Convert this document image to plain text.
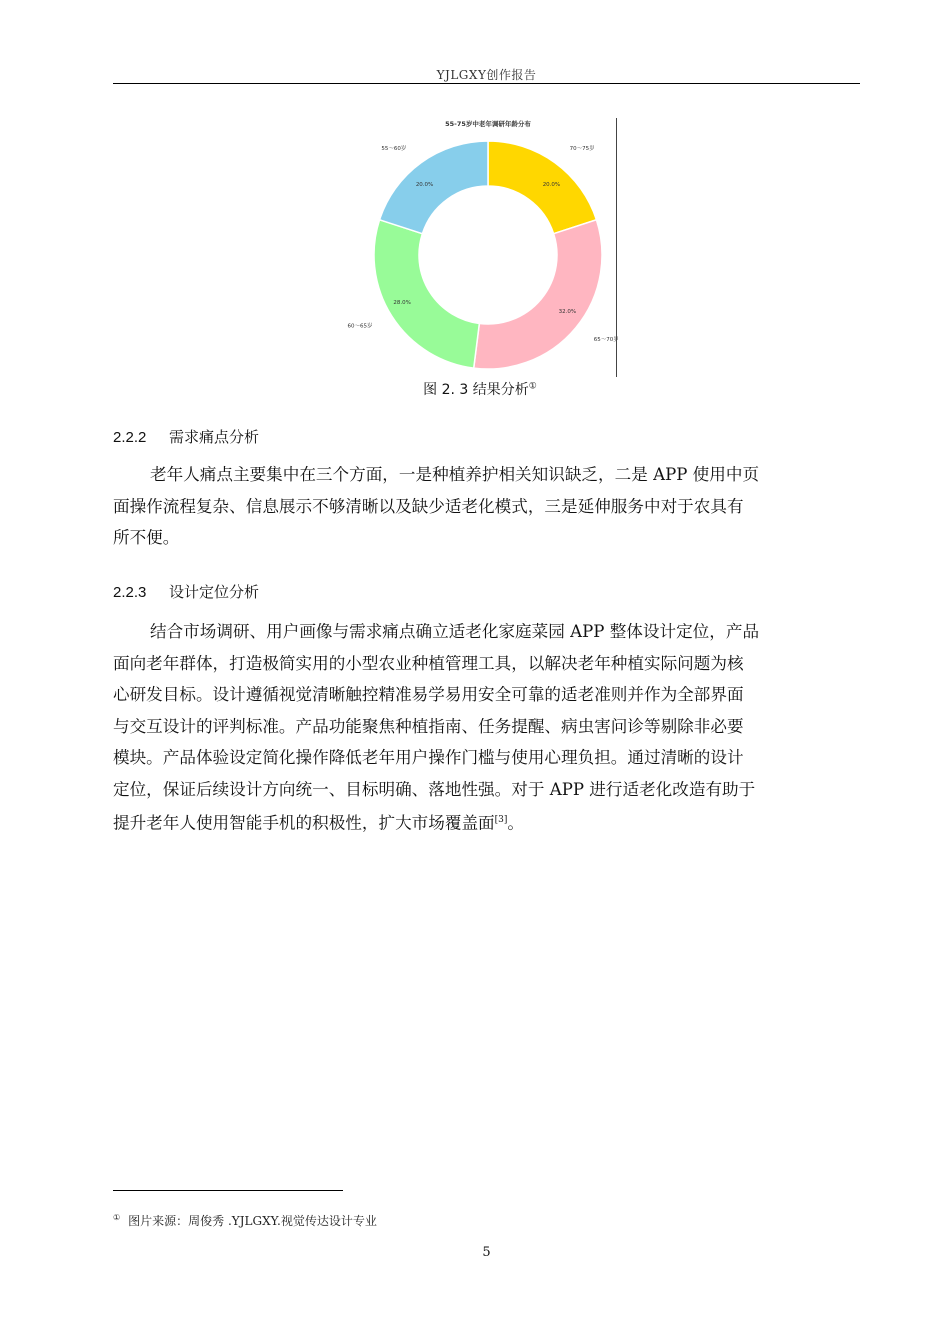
YJLGXY创作报告
55-75岁中老年调研年龄分布
20.0%
70～75岁
32.0%
65～70岁
28.0%
60～65岁
20.0%
55～60岁
图 2. 3 结果分析①
2.2.2 需求痛点分析
老年人痛点主要集中在三个方面，一是种植养护相关知识缺乏，二是 APP 使用中页
面操作流程复杂、信息展示不够清晰以及缺少适老化模式，三是延伸服务中对于农具有
所不便。
2.2.3 设计定位分析
结合市场调研、用户画像与需求痛点确立适老化家庭菜园 APP 整体设计定位，产品
面向老年群体，打造极简实用的小型农业种植管理工具，以解决老年种植实际问题为核
心研发目标。设计遵循视觉清晰触控精准易学易用安全可靠的适老准则并作为全部界面
与交互设计的评判标准。产品功能聚焦种植指南、任务提醒、病虫害问诊等剔除非必要
模块。产品体验设定简化操作降低老年用户操作门槛与使用心理负担。通过清晰的设计
定位，保证后续设计方向统一、目标明确、落地性强。对于 APP 进行适老化改造有助于
提升老年人使用智能手机的积极性，扩大市场覆盖面[3]。
① 图片来源：周俊秀 .YJLGXY.视觉传达设计专业
5
